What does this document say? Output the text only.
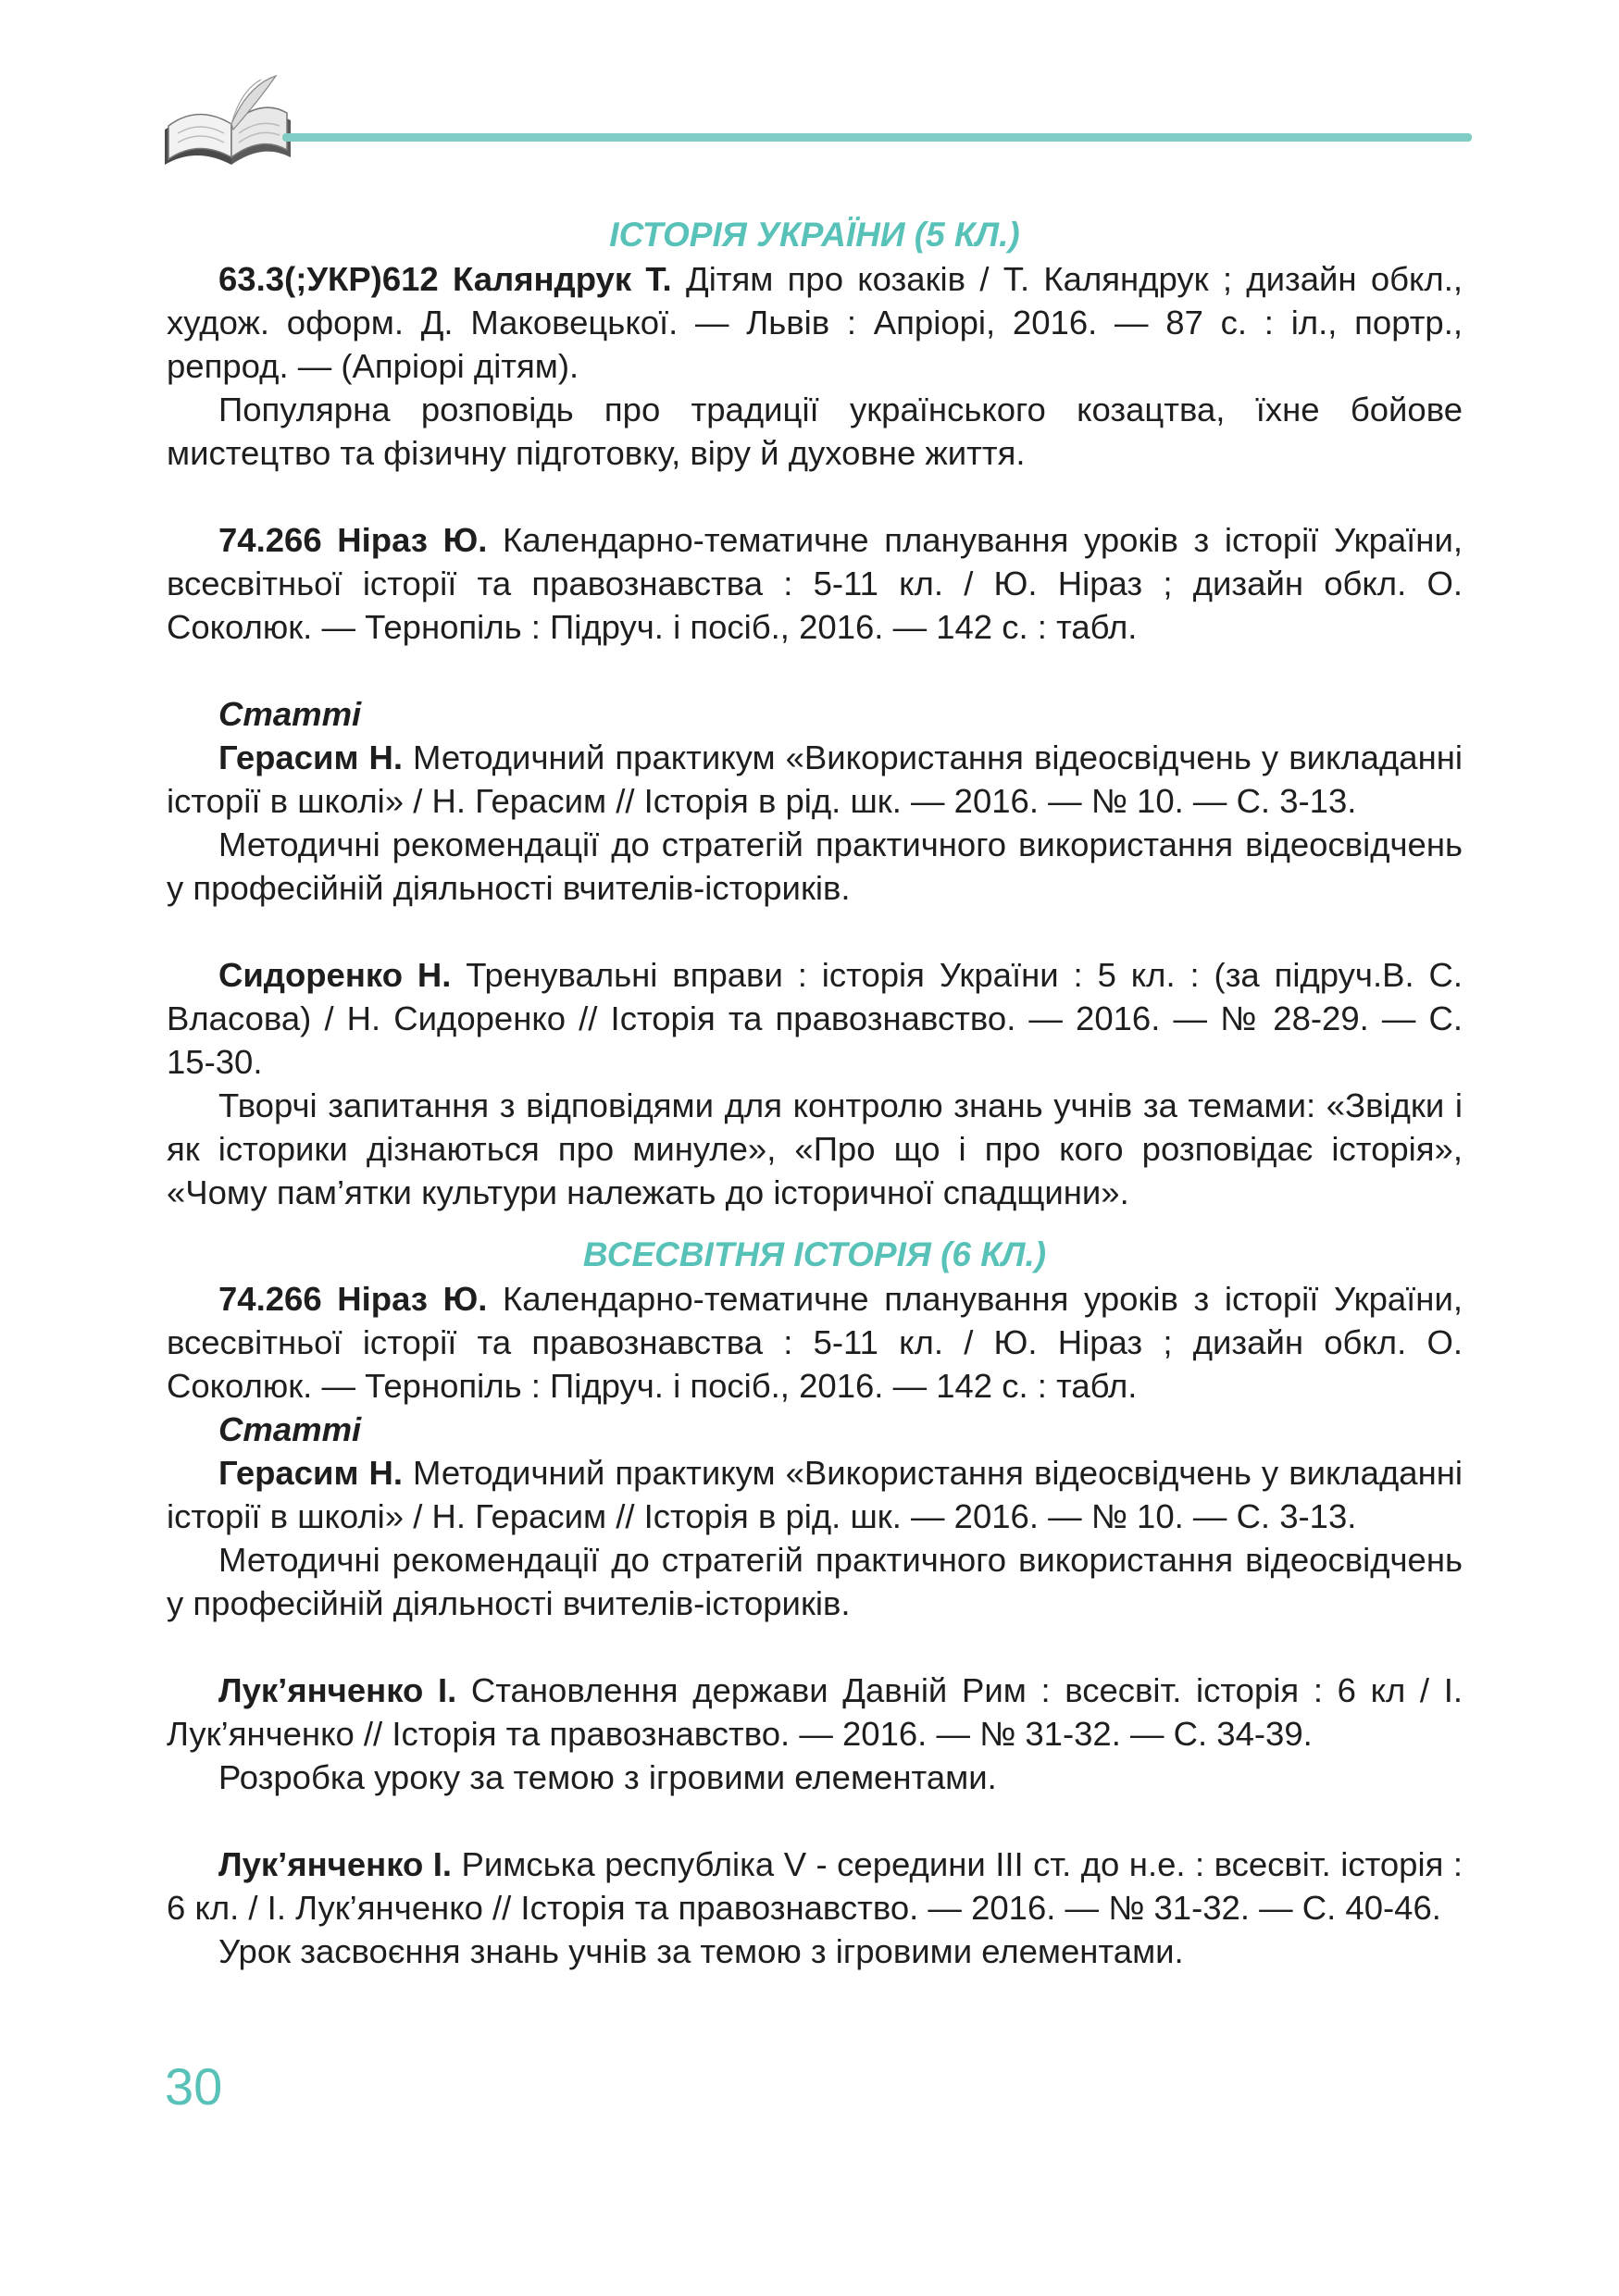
ІСТОРІЯ УКРАЇНИ (5 КЛ.)

63.3(;УКР)612 Каляндрук Т. Дітям про козаків / Т. Каляндрук ; дизайн обкл., худож. оформ. Д. Маковецької. — Львів : Апріорі, 2016. — 87 с. : іл., портр., репрод. — (Апріорі дітям).

Популярна розповідь про традиції українського козацтва, їхне бойове мистецтво та фізичну підготовку, віру й духовне життя.

74.266 Ніраз Ю. Календарно-тематичне планування уроків з історії України, всесвітньої історії та правознавства : 5-11 кл. / Ю. Ніраз ; дизайн обкл. О. Соколюк. — Тернопіль : Підруч. і посіб., 2016. — 142 с. : табл.

Статті

Герасим Н. Методичний практикум «Використання відеосвідчень у викладанні історії в школі» / Н. Герасим // Історія в рід. шк. — 2016. — № 10. — С. 3-13.

Методичні рекомендації до стратегій практичного використання відеосвідчень у професійній діяльності вчителів-істориків.

Сидоренко Н. Тренувальні вправи : історія України : 5 кл. : (за підруч.В. С. Власова) / Н. Сидоренко // Історія та правознавство. — 2016. — № 28-29. — С. 15-30.

Творчі запитання з відповідями для контролю знань учнів за темами: «Звідки і як історики дізнаються про минуле», «Про що і про кого розповідає історія», «Чому пам’ятки культури належать до історичної спадщини».

ВСЕСВІТНЯ ІСТОРІЯ (6 КЛ.)

74.266 Ніраз Ю. Календарно-тематичне планування уроків з історії України, всесвітньої історії та правознавства : 5-11 кл. / Ю. Ніраз ; дизайн обкл. О. Соколюк. — Тернопіль : Підруч. і посіб., 2016. — 142 с. : табл.

Статті

Герасим Н. Методичний практикум «Використання відеосвідчень у викладанні історії в школі» / Н. Герасим // Історія в рід. шк. — 2016. — № 10. — С. 3-13.

Методичні рекомендації до стратегій практичного використання відеосвідчень у професійній діяльності вчителів-істориків.

Лук’янченко І. Становлення держави Давній Рим : всесвіт. історія : 6 кл / І. Лук’янченко // Історія та правознавство. — 2016. — № 31-32. — С. 34-39.

Розробка уроку за темою з ігровими елементами.

Лук’янченко І. Римська республіка V - середини III ст. до н.е. : всесвіт. історія : 6 кл. / І. Лук’янченко // Історія та правознавство. — 2016. — № 31-32. — С. 40-46.

Урок засвоєння знань учнів за темою з ігровими елементами.

30
